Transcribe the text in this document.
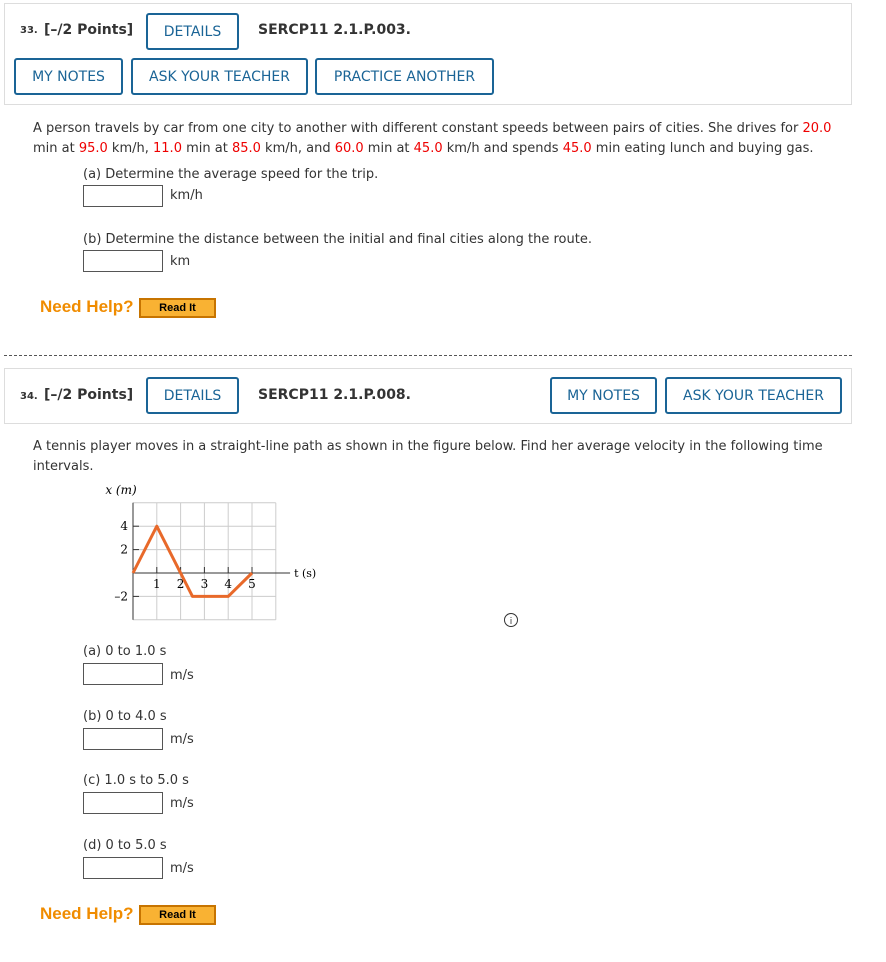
33. [–/2 Points]	DETAILS	SERCP11 2.1.P.003.
MY NOTES	ASK YOUR TEACHER	PRACTICE ANOTHER
A person travels by car from one city to another with different constant speeds between pairs of cities. She drives for 20.0 min at 95.0 km/h, 11.0 min at 85.0 km/h, and 60.0 min at 45.0 km/h and spends 45.0 min eating lunch and buying gas.
(a) Determine the average speed for the trip.
km/h
(b) Determine the distance between the initial and final cities along the route.
km
Need Help?	Read It
34. [–/2 Points]	DETAILS	SERCP11 2.1.P.008.	MY NOTES	ASK YOUR TEACHER
A tennis player moves in a straight-line path as shown in the figure below. Find her average velocity in the following time intervals.
x (m)
t (s)
1 2 3 4 5
4
2
–2
i
(a) 0 to 1.0 s
m/s
(b) 0 to 4.0 s
m/s
(c) 1.0 s to 5.0 s
m/s
(d) 0 to 5.0 s
m/s
Need Help?	Read It
